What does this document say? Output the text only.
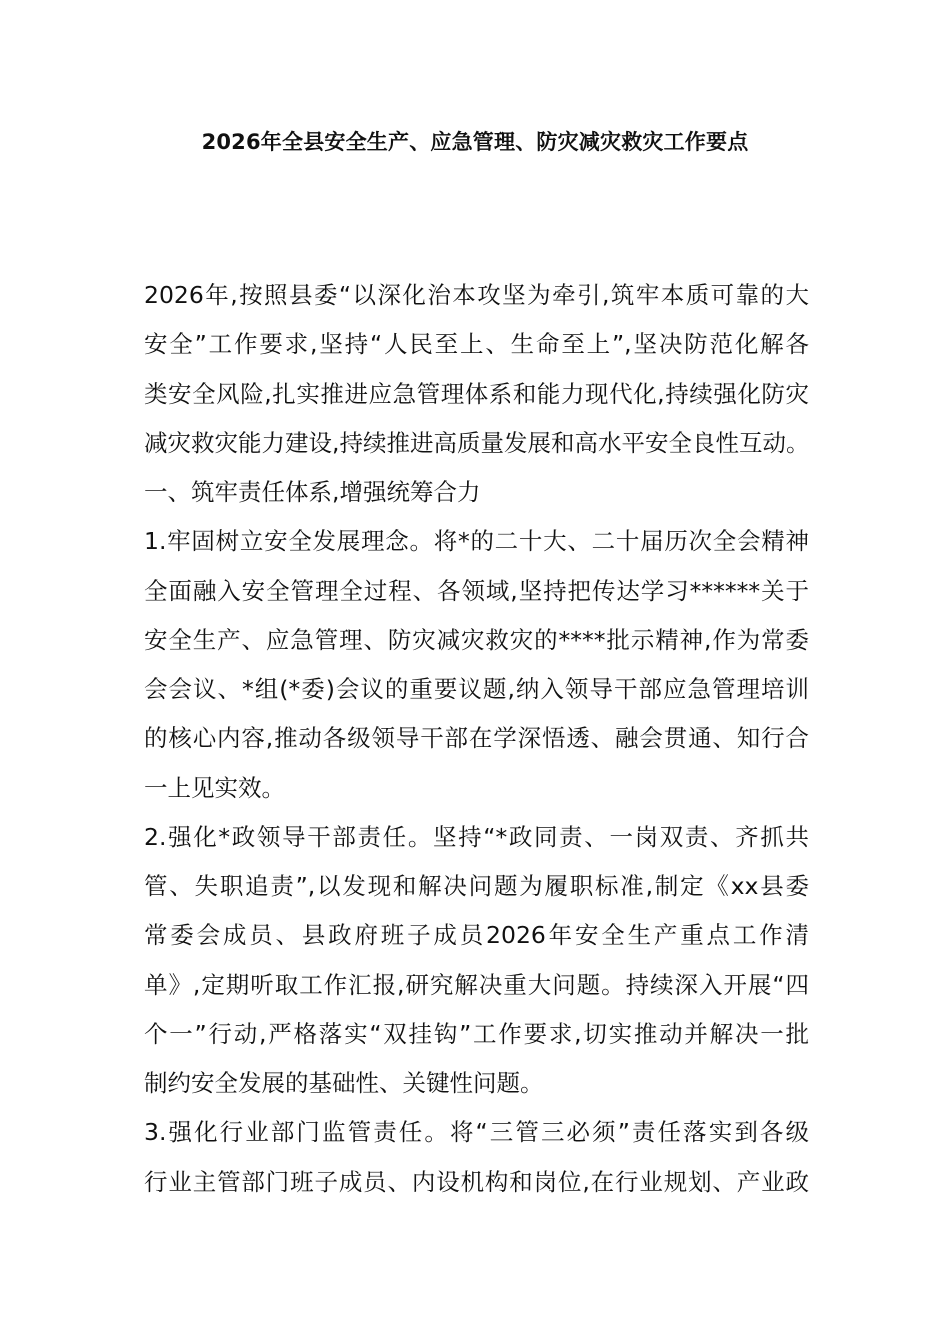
2026年全县安全生产、应急管理、防灾减灾救灾工作要点
2026年,按照县委“以深化治本攻坚为牵引,筑牢本质可靠的大
安全”工作要求,坚持“人民至上、生命至上”,坚决防范化解各
类安全风险,扎实推进应急管理体系和能力现代化,持续强化防灾
减灾救灾能力建设,持续推进高质量发展和高水平安全良性互动。
一、筑牢责任体系,增强统筹合力
1.牢固树立安全发展理念。将*的二十大、二十届历次全会精神
全面融入安全管理全过程、各领域,坚持把传达学习******关于
安全生产、应急管理、防灾减灾救灾的****批示精神,作为常委
会会议、*组(*委)会议的重要议题,纳入领导干部应急管理培训
的核心内容,推动各级领导干部在学深悟透、融会贯通、知行合
一上见实效。
2.强化*政领导干部责任。坚持“*政同责、一岗双责、齐抓共
管、失职追责”,以发现和解决问题为履职标准,制定《xx县委
常委会成员、县政府班子成员2026年安全生产重点工作清
单》,定期听取工作汇报,研究解决重大问题。持续深入开展“四
个一”行动,严格落实“双挂钩”工作要求,切实推动并解决一批
制约安全发展的基础性、关键性问题。
3.强化行业部门监管责任。将“三管三必须”责任落实到各级
行业主管部门班子成员、内设机构和岗位,在行业规划、产业政
